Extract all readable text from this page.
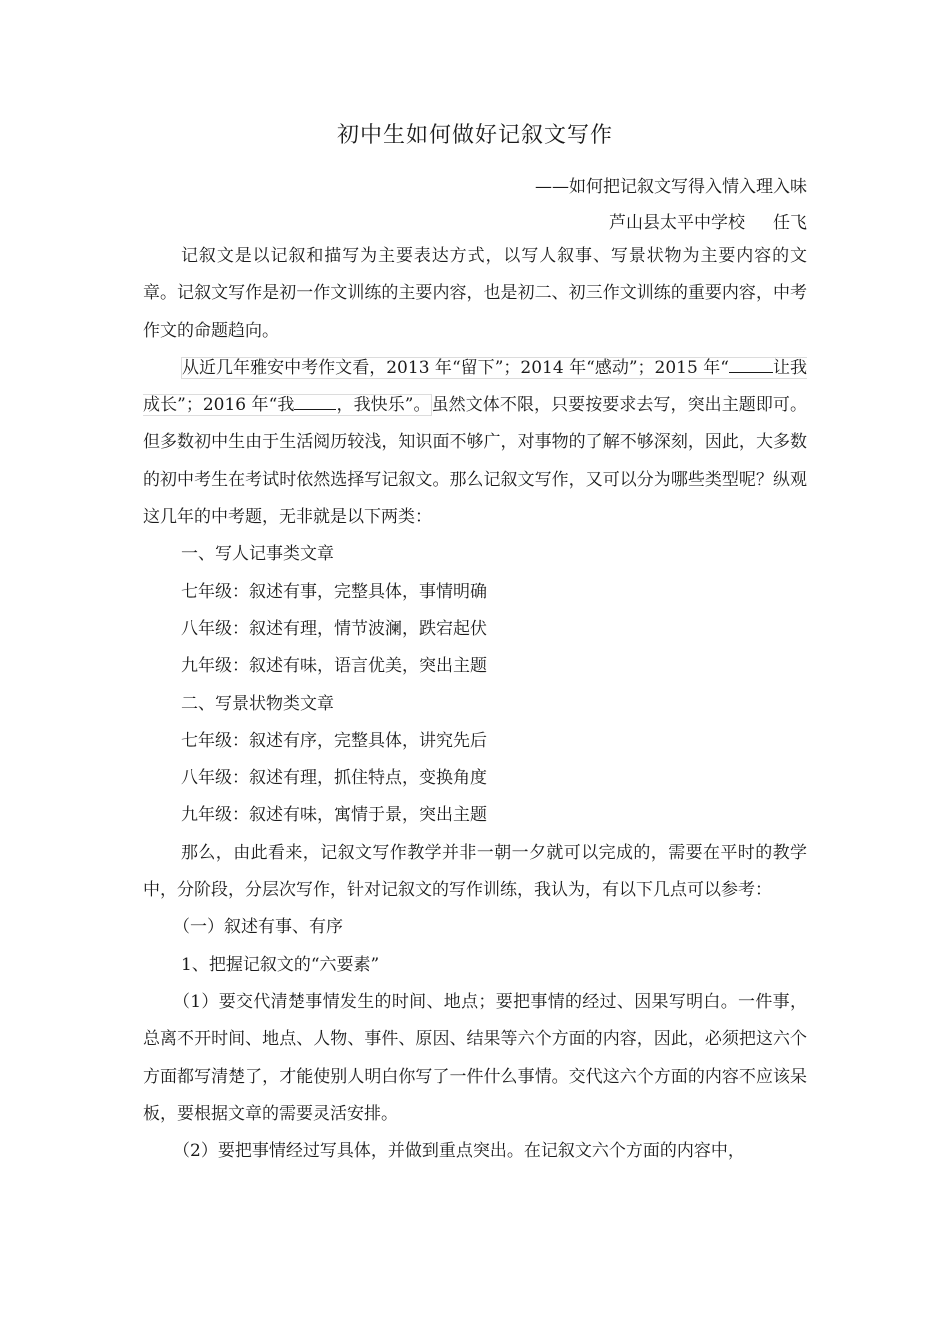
初中生如何做好记叙文写作
——如何把记叙文写得入情入理入味
芦山县太平中学校 任飞

记叙文是以记叙和描写为主要表达方式，以写人叙事、写景状物为主要内容的文章。记叙文写作是初一作文训练的主要内容，也是初二、初三作文训练的重要内容，中考作文的命题趋向。

从近几年雅安中考作文看，2013 年“留下”；2014 年“感动”；2015 年“	让我成长”；2016 年“我 ，我快乐”。虽然文体不限，只要按要求去写，突出主题即可。但多数初中生由于生活阅历较浅，知识面不够广，对事物的了解不够深刻，因此，大多数的初中考生在考试时依然选择写记叙文。那么记叙文写作，又可以分为哪些类型呢？纵观这几年的中考题，无非就是以下两类：

一、写人记事类文章

七年级：叙述有事，完整具体，事情明确

八年级：叙述有理，情节波澜，跌宕起伏

九年级：叙述有味，语言优美，突出主题

二、写景状物类文章

七年级：叙述有序，完整具体，讲究先后

八年级：叙述有理，抓住特点，变换角度

九年级：叙述有味，寓情于景，突出主题

那么，由此看来，记叙文写作教学并非一朝一夕就可以完成的，需要在平时的教学中，分阶段，分层次写作，针对记叙文的写作训练，我认为，有以下几点可以参考：

（一）叙述有事、有序

1、把握记叙文的“六要素”

（1）要交代清楚事情发生的时间、地点；要把事情的经过、因果写明白。一件事，总离不开时间、地点、人物、事件、原因、结果等六个方面的内容，因此，必须把这六个方面都写清楚了，才能使别人明白你写了一件什么事情。交代这六个方面的内容不应该呆板，要根据文章的需要灵活安排。

（2）要把事情经过写具体，并做到重点突出。在记叙文六个方面的内容中，
